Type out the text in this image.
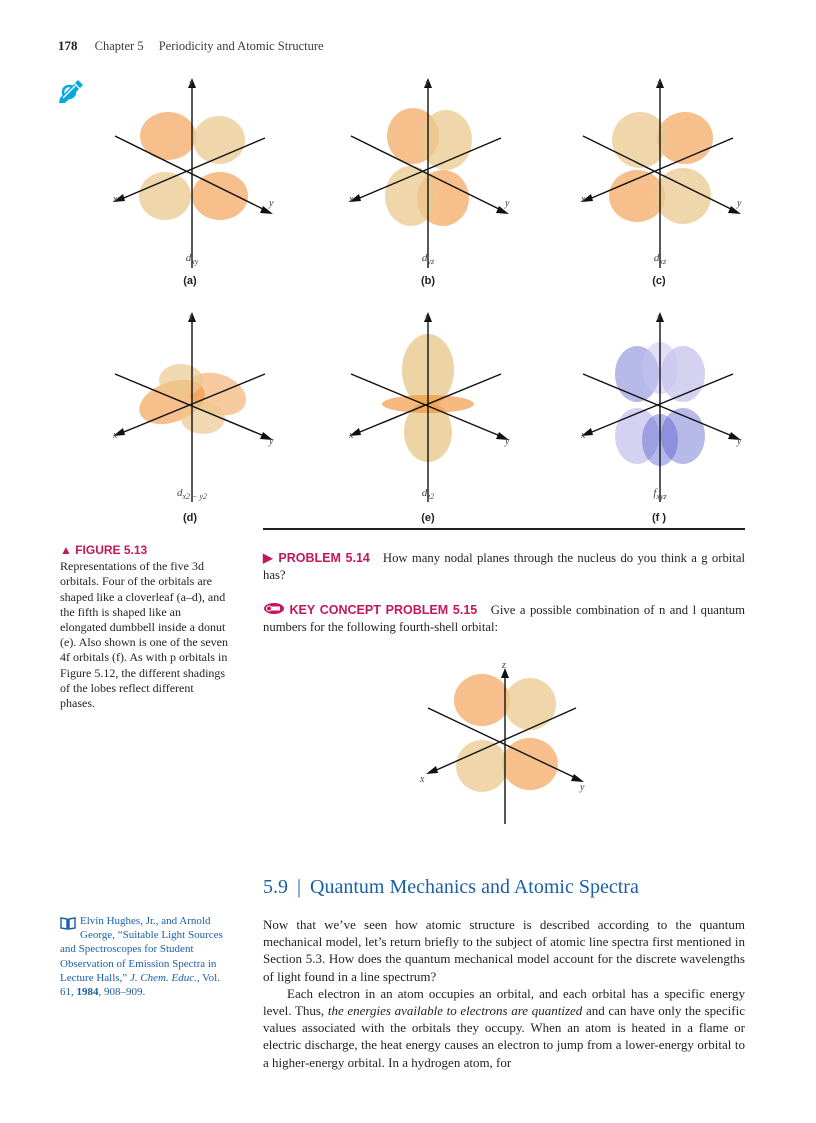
178 Chapter 5 Periodicity and Atomic Structure
z
x	y
z
x	y
z
x	y
z
x
y
z
x
y
z
x
y
$d_{xy}$
(a)
$d_{yz}$
(b)
$d_{xz}$
(c)
$d_{x2 - y2}$
(d)
$d_{z2}$
(e)
$f_{xyz}$
(f )
▲ FIGURE 5.13
Representations of the five 3d orbitals. Four of the orbitals are shaped like a cloverleaf (a–d), and the fifth is shaped like an elongated dumbbell inside a donut (e). Also shown is one of the seven 4f orbitals (f). As with p orbitals in Figure 5.12, the different shadings of the lobes reflect different phases.
▶ PROBLEM 5.14 How many nodal planes through the nucleus do you think a g orbital has?
KEY CONCEPT PROBLEM 5.15 Give a possible combination of n and l quantum numbers for the following fourth-shell orbital:
z
x
y
5.9 | Quantum Mechanics and Atomic Spectra
Elvin Hughes, Jr., and Arnold George, “Suitable Light Sources and Spectroscopes for Student Observation of Emission Spectra in Lecture Halls,” J. Chem. Educ., Vol. 61, 1984, 908–909.

Now that we’ve seen how atomic structure is described according to the quantum mechanical model, let’s return briefly to the subject of atomic line spectra first mentioned in Section 5.3. How does the quantum mechanical model account for the discrete wavelengths of light found in a line spectrum?

Each electron in an atom occupies an orbital, and each orbital has a specific energy level. Thus, the energies available to electrons are quantized and can have only the specific values associated with the orbitals they occupy. When an atom is heated in a flame or electric discharge, the heat energy causes an electron to jump from a lower-energy orbital to a higher-energy orbital. In a hydrogen atom, for
